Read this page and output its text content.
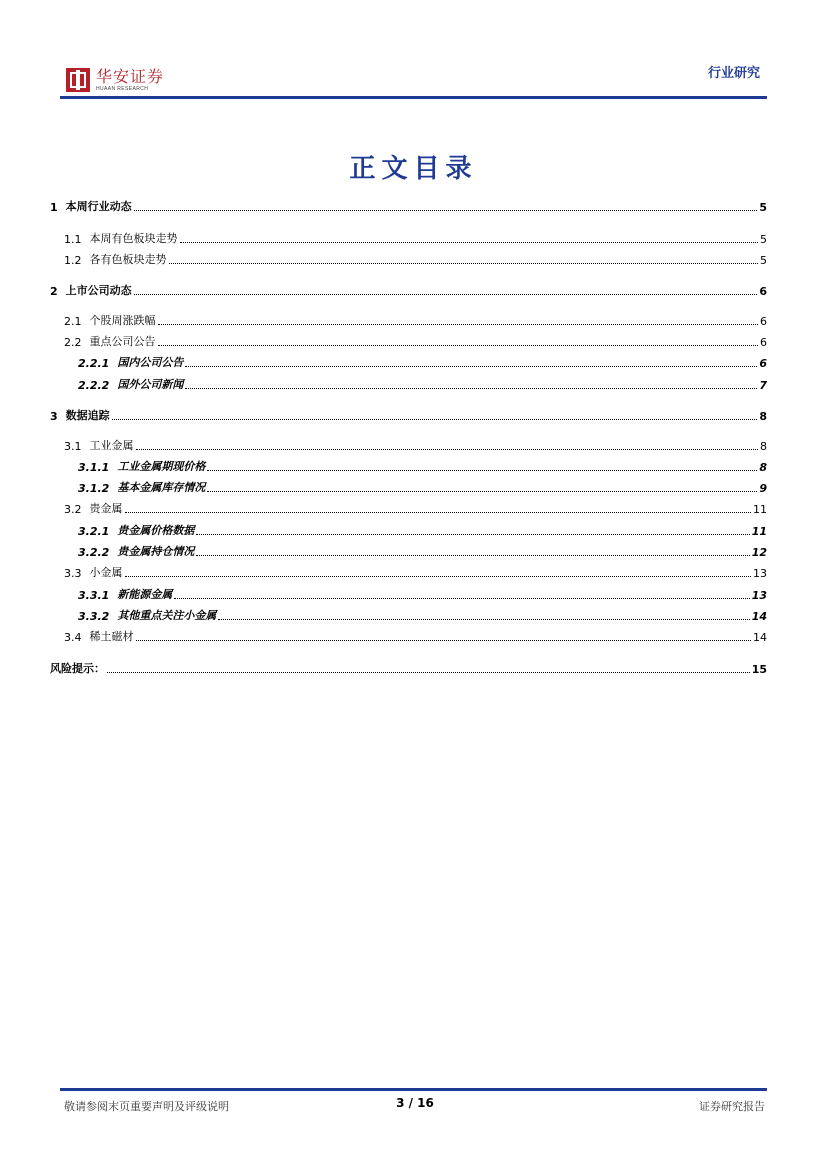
华安证券
HUAAN RESEARCH
行业研究
正文目录
1 本周行业动态	5
1.1 本周有色板块走势	5
1.2 各有色板块走势	5
2 上市公司动态	6
2.1 个股周涨跌幅	6
2.2 重点公司公告	6
2.2.1 国内公司公告	6
2.2.2 国外公司新闻	7
3 数据追踪	8
3.1 工业金属	8
3.1.1 工业金属期现价格	8
3.1.2 基本金属库存情况	9
3.2 贵金属	11
3.2.1 贵金属价格数据	11
3.2.2 贵金属持仓情况	12
3.3 小金属	13
3.3.1 新能源金属	13
3.3.2 其他重点关注小金属	14
3.4 稀土磁材	14
风险提示：	15
敬请参阅末页重要声明及评级说明	3 / 16	证券研究报告
